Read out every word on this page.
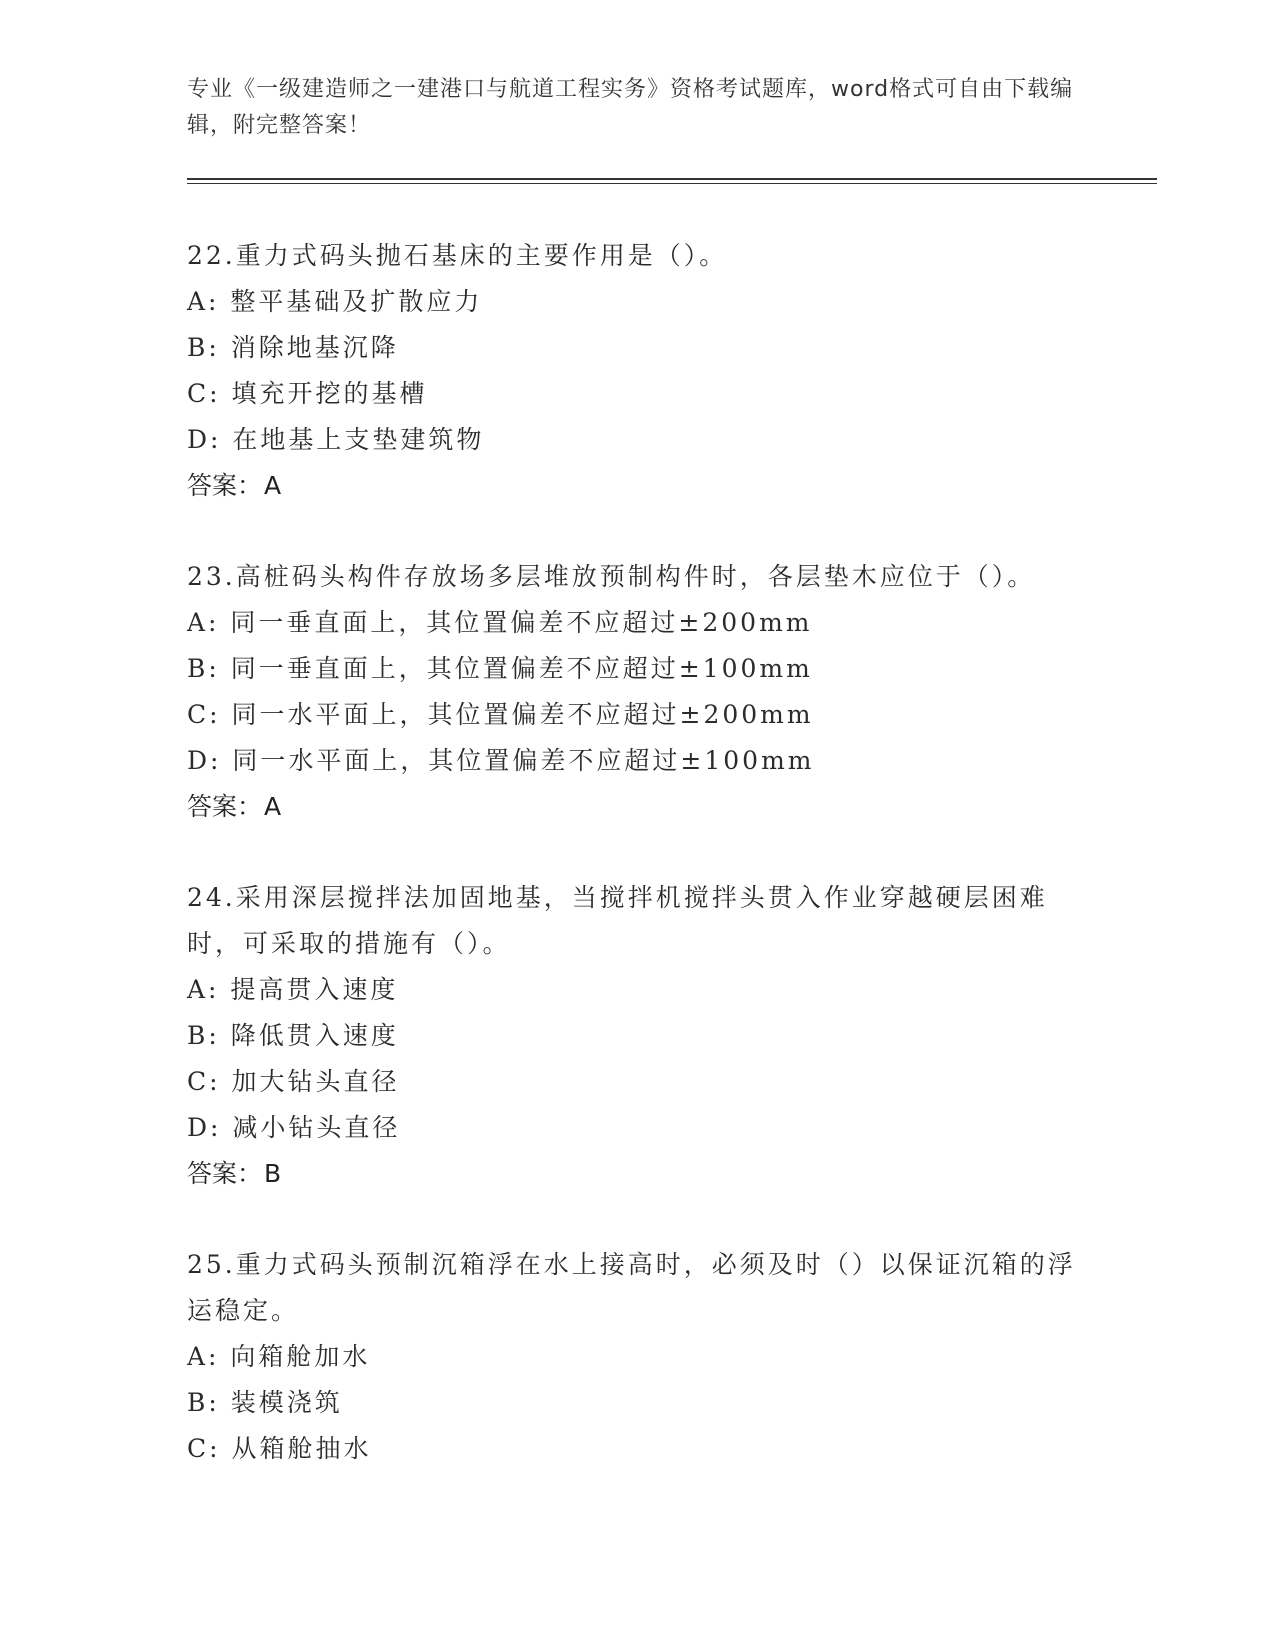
专业《一级建造师之一建港口与航道工程实务》资格考试题库，word格式可自由下载编辑，附完整答案！

22.重力式码头抛石基床的主要作用是（）。

A: 整平基础及扩散应力

B: 消除地基沉降

C: 填充开挖的基槽

D: 在地基上支垫建筑物

答案：A

23.高桩码头构件存放场多层堆放预制构件时，各层垫木应位于（）。

A: 同一垂直面上，其位置偏差不应超过±200mm

B: 同一垂直面上，其位置偏差不应超过±100mm

C: 同一水平面上，其位置偏差不应超过±200mm

D: 同一水平面上，其位置偏差不应超过±100mm

答案：A

24.采用深层搅拌法加固地基，当搅拌机搅拌头贯入作业穿越硬层困难时，可采取的措施有（）。

A: 提高贯入速度

B: 降低贯入速度

C: 加大钻头直径

D: 减小钻头直径

答案：B

25.重力式码头预制沉箱浮在水上接高时，必须及时（）以保证沉箱的浮运稳定。

A: 向箱舱加水

B: 装模浇筑

C: 从箱舱抽水
